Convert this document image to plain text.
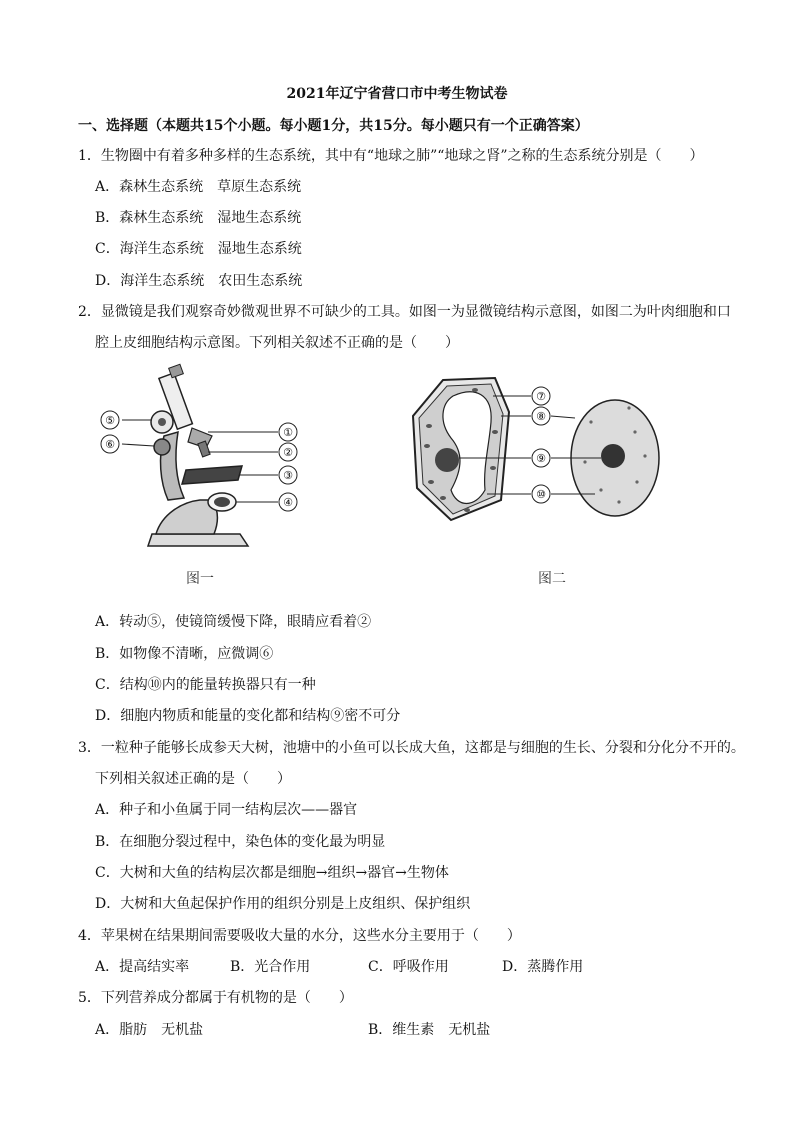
2021年辽宁省营口市中考生物试卷
一、选择题（本题共15个小题。每小题1分，共15分。每小题只有一个正确答案）
1．生物圈中有着多种多样的生态系统，其中有“地球之肺”“地球之肾”之称的生态系统分别是（　　）
A．森林生态系统　草原生态系统
B．森林生态系统　湿地生态系统
C．海洋生态系统　湿地生态系统
D．海洋生态系统　农田生态系统
2．显微镜是我们观察奇妙微观世界不可缺少的工具。如图一为显微镜结构示意图，如图二为叶肉细胞和口
腔上皮细胞结构示意图。下列相关叙述不正确的是（　　）
⑤
⑥
①
②
③
④
图一
⑦
⑧
⑨
⑩
图二
A．转动⑤，使镜筒缓慢下降，眼睛应看着②
B．如物像不清晰，应微调⑥
C．结构⑩内的能量转换器只有一种
D．细胞内物质和能量的变化都和结构⑨密不可分
3．一粒种子能够长成参天大树，池塘中的小鱼可以长成大鱼，这都是与细胞的生长、分裂和分化分不开的。
下列相关叙述正确的是（　　）
A．种子和小鱼属于同一结构层次——器官
B．在细胞分裂过程中，染色体的变化最为明显
C．大树和大鱼的结构层次都是细胞→组织→器官→生物体
D．大树和大鱼起保护作用的组织分别是上皮组织、保护组织
4．苹果树在结果期间需要吸收大量的水分，这些水分主要用于（　　）
A．提高结实率	B．光合作用	C．呼吸作用	D．蒸腾作用
5．下列营养成分都属于有机物的是（　　）
A．脂肪　无机盐	B．维生素　无机盐
